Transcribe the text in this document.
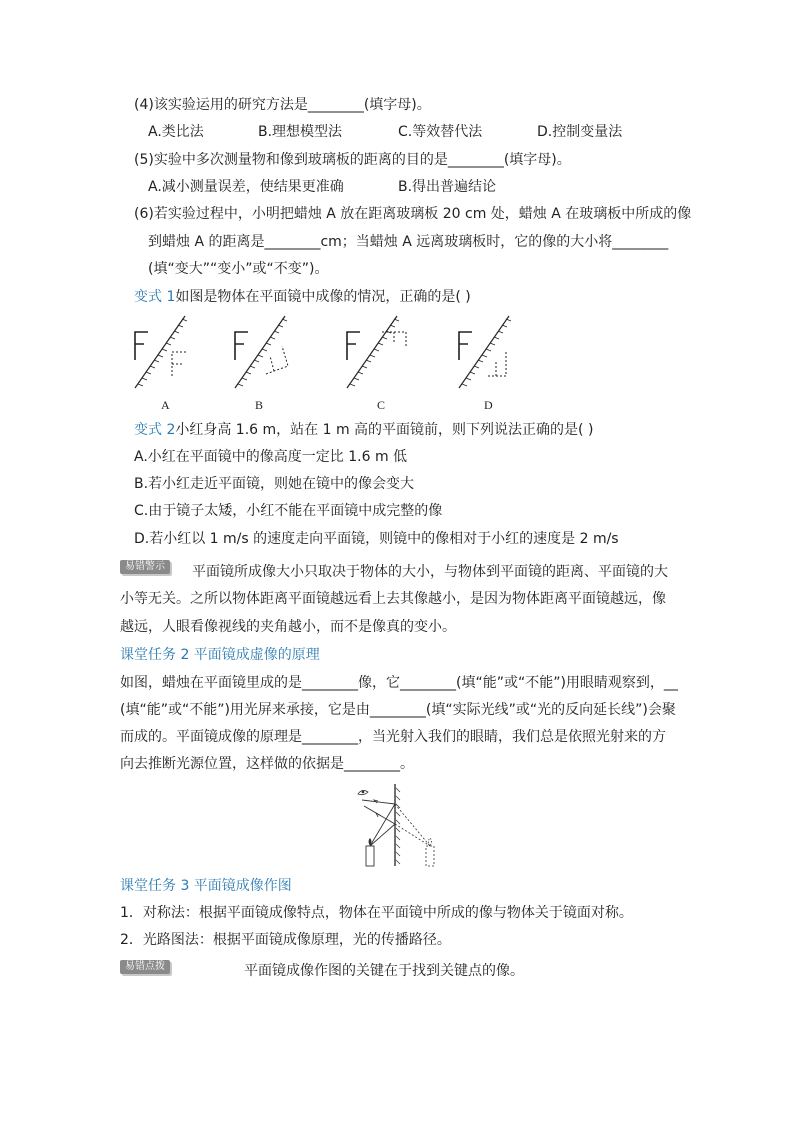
(4)该实验运用的研究方法是________(填字母)。
A.类比法	B.理想模型法	C.等效替代法	D.控制变量法
(5)实验中多次测量物和像到玻璃板的距离的目的是________(填字母)。
A.减小测量误差，使结果更准确	B.得出普遍结论
(6)若实验过程中，小明把蜡烛 A 放在距离玻璃板 20 cm 处，蜡烛 A 在玻璃板中所成的像
到蜡烛 A 的距离是________cm；当蜡烛 A 远离玻璃板时，它的像的大小将________
(填“变大”“变小”或“不变”)。
变式 1如图是物体在平面镜中成像的情况，正确的是( )
A	B	C	D
变式 2小红身高 1.6 m，站在 1 m 高的平面镜前，则下列说法正确的是( )
A.小红在平面镜中的像高度一定比 1.6 m 低
B.若小红走近平面镜，则她在镜中的像会变大
C.由于镜子太矮，小红不能在平面镜中成完整的像
D.若小红以 1 m/s 的速度走向平面镜，则镜中的像相对于小红的速度是 2 m/s
易错警示	平面镜所成像大小只取决于物体的大小，与物体到平面镜的距离、平面镜的大
小等无关。之所以物体距离平面镜越远看上去其像越小，是因为物体距离平面镜越远，像
越远，人眼看像视线的夹角越小，而不是像真的变小。
课堂任务 2 平面镜成虚像的原理
如图，蜡烛在平面镜里成的是________像，它________(填“能”或“不能”)用眼睛观察到，__
(填“能”或“不能”)用光屏来承接，它是由________(填“实际光线”或“光的反向延长线”)会聚
而成的。平面镜成像的原理是________，当光射入我们的眼睛，我们总是依照光射来的方
向去推断光源位置，这样做的依据是________。
课堂任务 3 平面镜成像作图
1．对称法：根据平面镜成像特点，物体在平面镜中所成的像与物体关于镜面对称。
2．光路图法：根据平面镜成像原理，光的传播路径。
易错点拨	平面镜成像作图的关键在于找到关键点的像。
